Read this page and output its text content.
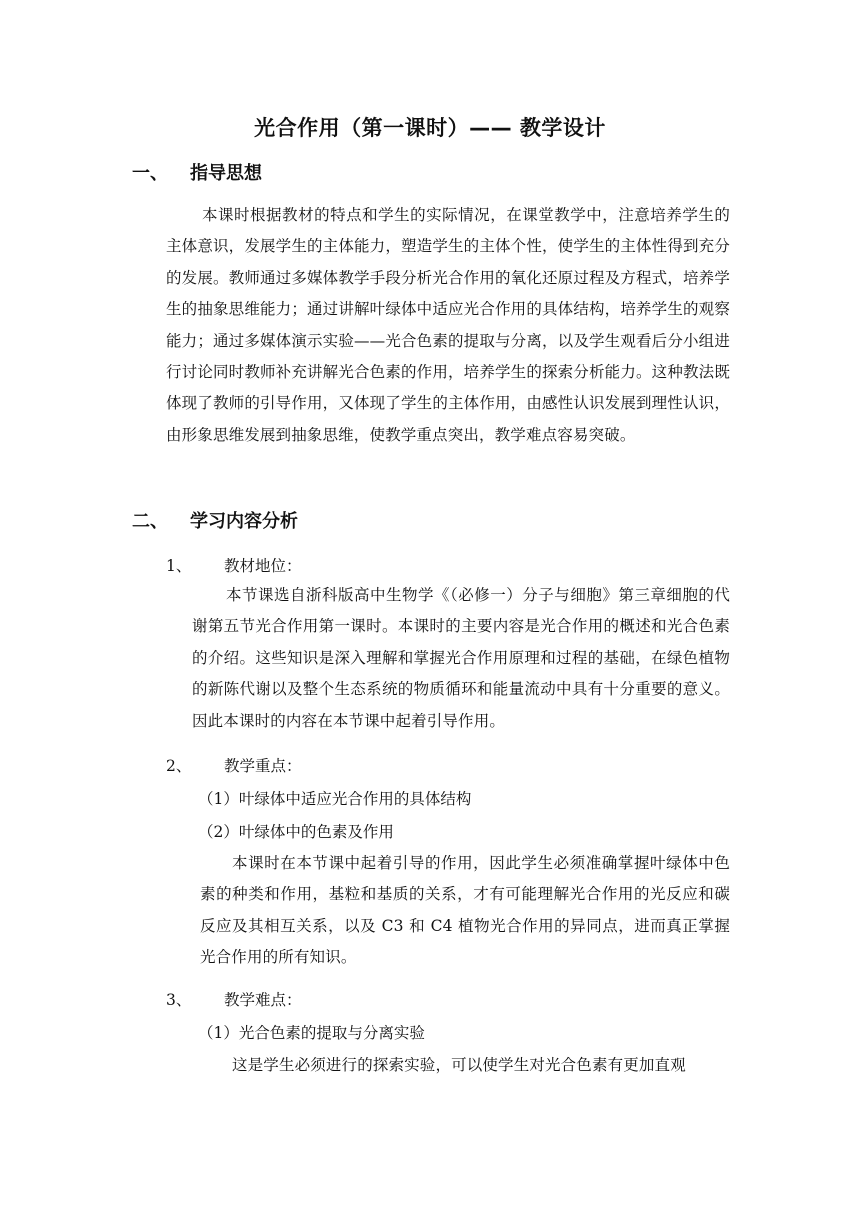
光合作用（第一课时）—— 教学设计
一、 指导思想
本课时根据教材的特点和学生的实际情况，在课堂教学中，注意培养学生的主体意识，发展学生的主体能力，塑造学生的主体个性，使学生的主体性得到充分的发展。教师通过多媒体教学手段分析光合作用的氧化还原过程及方程式，培养学生的抽象思维能力；通过讲解叶绿体中适应光合作用的具体结构，培养学生的观察能力；通过多媒体演示实验——光合色素的提取与分离，以及学生观看后分小组进行讨论同时教师补充讲解光合色素的作用，培养学生的探索分析能力。这种教法既体现了教师的引导作用，又体现了学生的主体作用，由感性认识发展到理性认识，由形象思维发展到抽象思维，使教学重点突出，教学难点容易突破。
二、 学习内容分析
1、 教材地位：
本节课选自浙科版高中生物学《（必修一）分子与细胞》第三章细胞的代谢第五节光合作用第一课时。本课时的主要内容是光合作用的概述和光合色素的介绍。这些知识是深入理解和掌握光合作用原理和过程的基础，在绿色植物的新陈代谢以及整个生态系统的物质循环和能量流动中具有十分重要的意义。因此本课时的内容在本节课中起着引导作用。
2、 教学重点：
（1）叶绿体中适应光合作用的具体结构
（2）叶绿体中的色素及作用
本课时在本节课中起着引导的作用，因此学生必须准确掌握叶绿体中色素的种类和作用，基粒和基质的关系，才有可能理解光合作用的光反应和碳反应及其相互关系，以及 C3 和 C4 植物光合作用的异同点，进而真正掌握光合作用的所有知识。
3、 教学难点：
（1）光合色素的提取与分离实验
这是学生必须进行的探索实验，可以使学生对光合色素有更加直观
